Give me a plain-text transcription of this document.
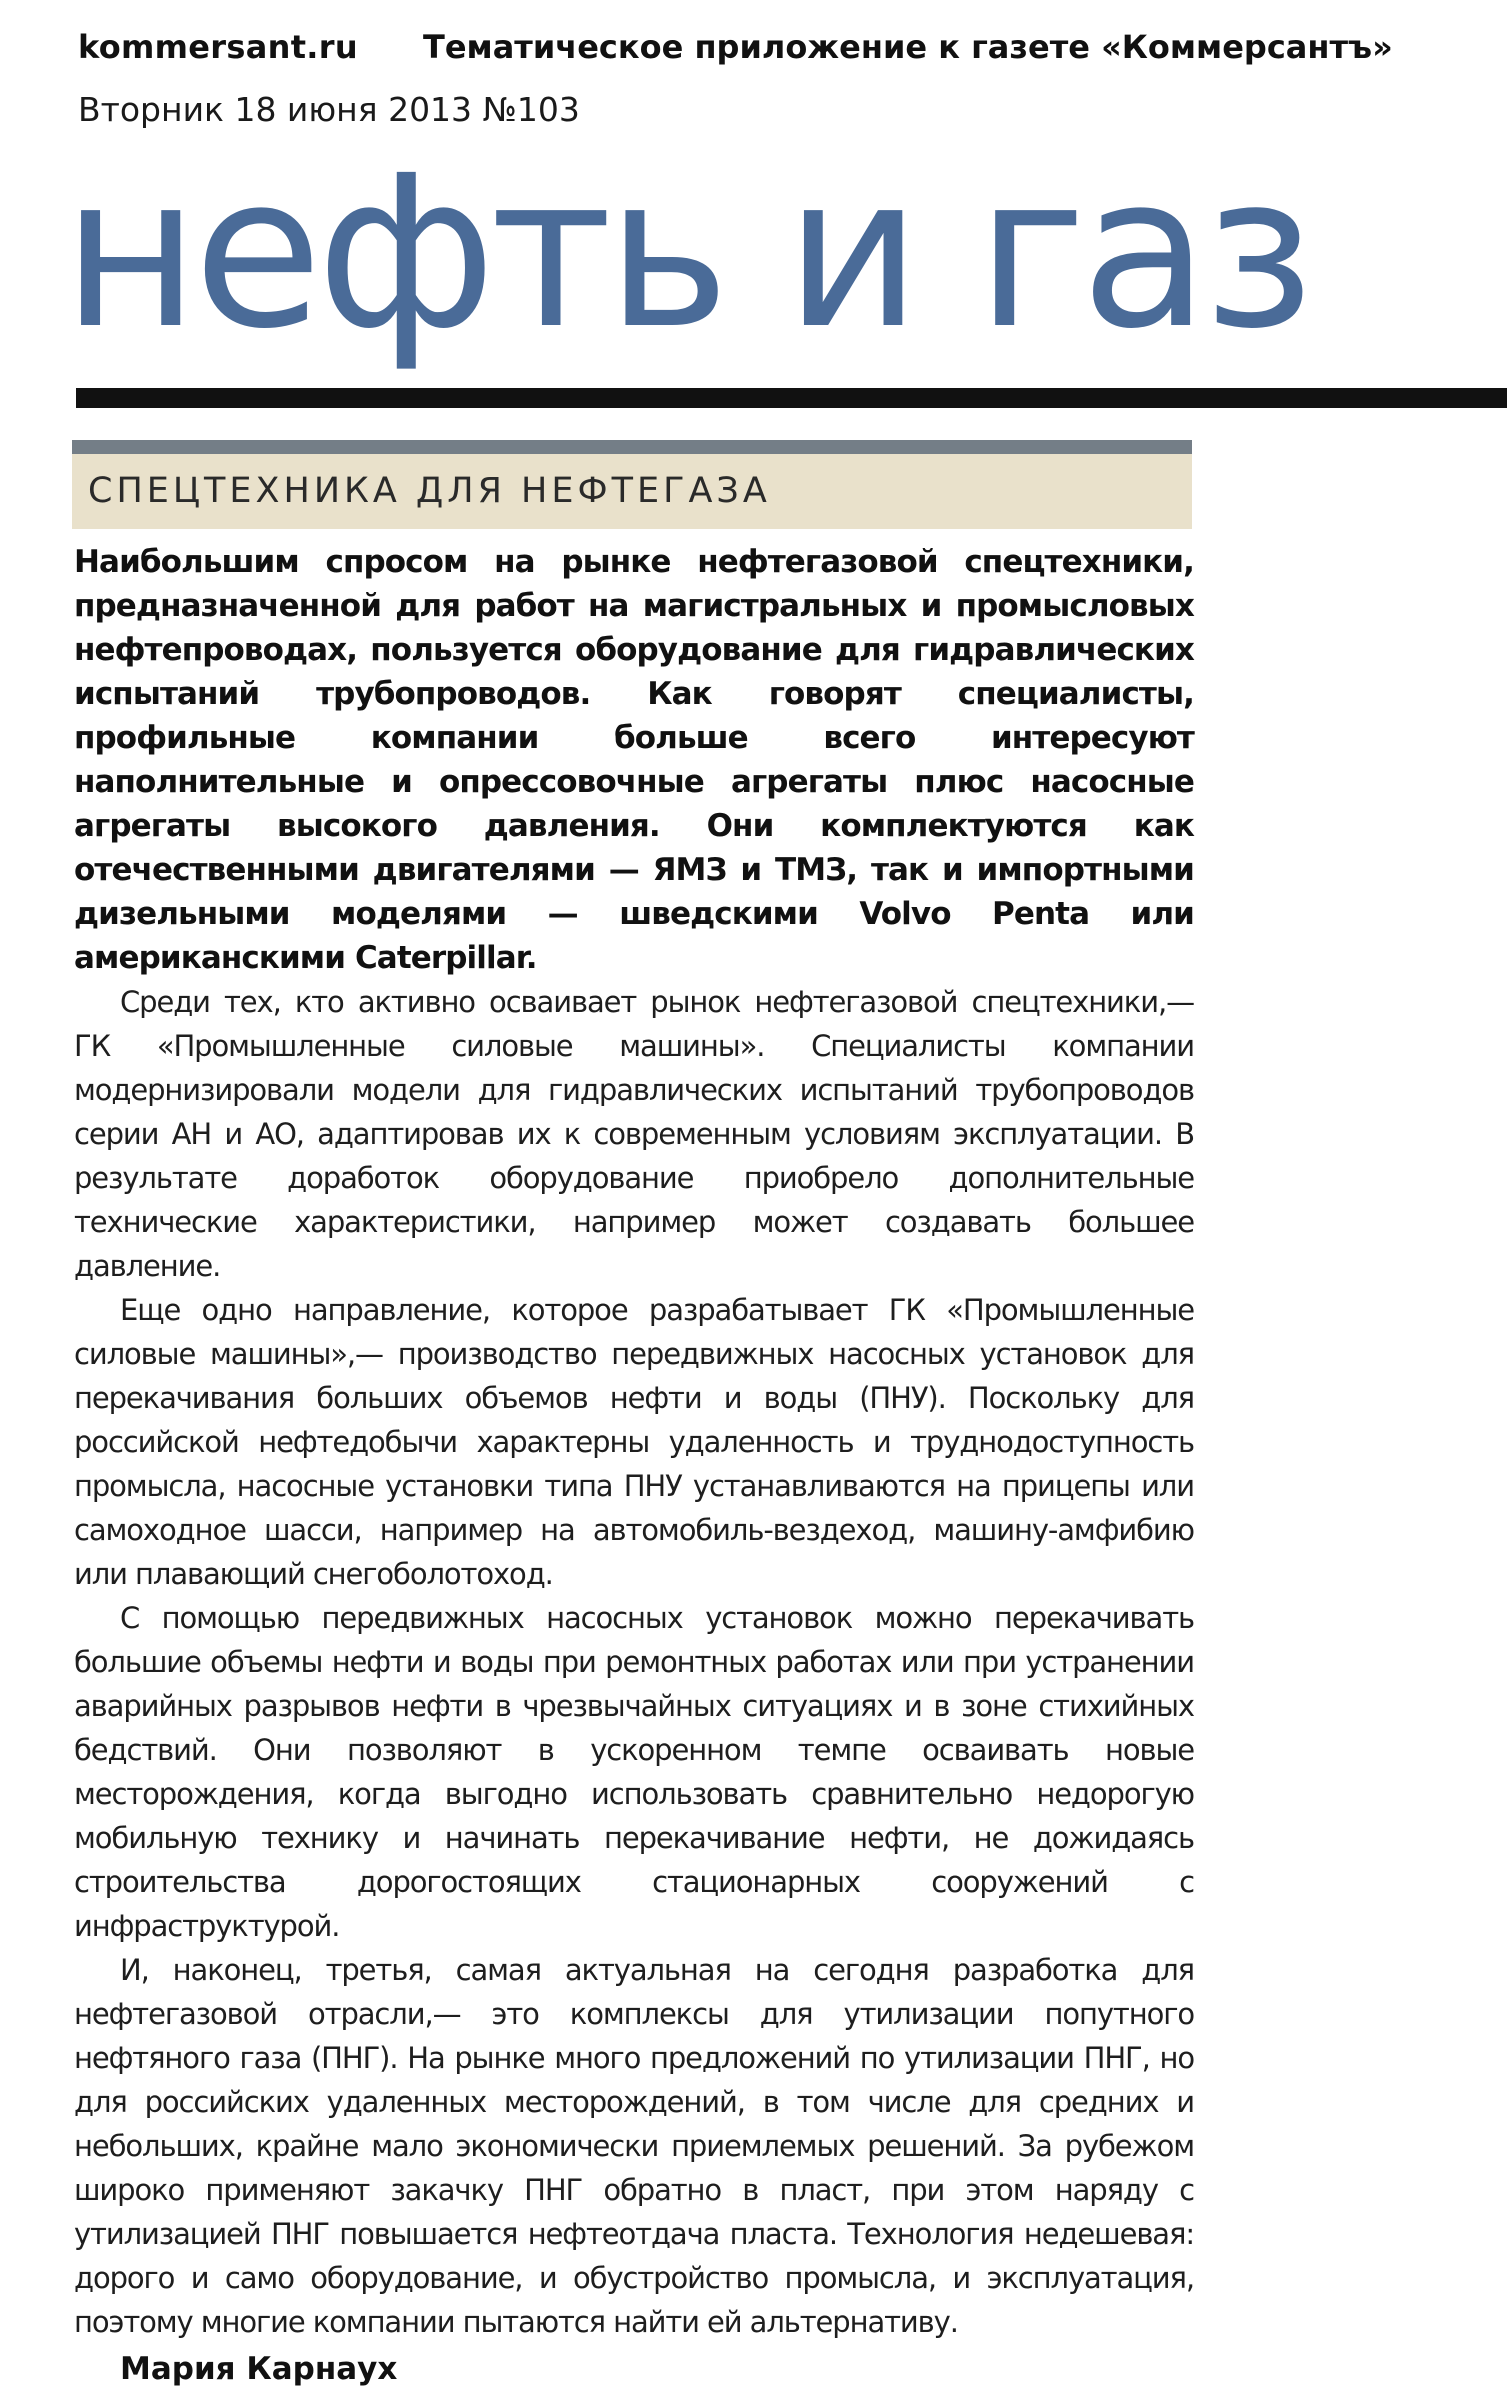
kommersant.ru Тематическое приложение к газете «Коммерсантъ»
Вторник 18 июня 2013 №103
нефть и газ
СПЕЦТЕХНИКА ДЛЯ НЕФТЕГАЗА

Наибольшим спросом на рынке нефтегазовой спецтехники, предназначенной для работ на магистральных и промысловых нефтепроводах, пользуется оборудование для гидравлических испытаний трубопроводов. Как говорят специалисты, профильные компании больше всего интересуют наполнительные и опрессовочные агрегаты плюс насосные агрегаты высокого давления. Они комплектуются как отечественными двигателями — ЯМЗ и ТМЗ, так и импортными дизельными моделями — шведскими Volvo Penta или американскими Caterpillar.

Среди тех, кто активно осваивает рынок нефтегазовой спецтехники,— ГК «Промышленные силовые машины». Специалисты компании модернизировали модели для гидравлических испытаний трубопроводов серии АН и АО, адаптировав их к современным условиям эксплуатации. В результате доработок оборудование приобрело дополнительные технические характеристики, например может создавать большее давление.

Еще одно направление, которое разрабатывает ГК «Промышленные силовые машины»,— производство передвижных насосных установок для перекачивания больших объемов нефти и воды (ПНУ). Поскольку для российской нефтедобычи характерны удаленность и труднодоступность промысла, насосные установки типа ПНУ устанавливаются на прицепы или самоходное шасси, например на автомобиль-вездеход, машину-амфибию или плавающий снегоболотоход.

С помощью передвижных насосных установок можно перекачивать большие объемы нефти и воды при ремонтных работах или при устранении аварийных разрывов нефти в чрезвычайных ситуациях и в зоне стихийных бедствий. Они позволяют в ускоренном темпе осваивать новые месторождения, когда выгодно использовать сравнительно недорогую мобильную технику и начинать перекачивание нефти, не дожидаясь строительства дорогостоящих стационарных сооружений с инфраструктурой.

И, наконец, третья, самая актуальная на сегодня разработка для нефтегазовой отрасли,— это комплексы для утилизации попутного нефтяного газа (ПНГ). На рынке много предложений по утилизации ПНГ, но для российских удаленных месторождений, в том числе для средних и небольших, крайне мало экономически приемлемых решений. За рубежом широко применяют закачку ПНГ обратно в пласт, при этом наряду с утилизацией ПНГ повышается нефтеотдача пласта. Технология недешевая: дорого и само оборудование, и обустройство промысла, и эксплуатация, поэтому многие компании пытаются найти ей альтернативу.

Мария Карнаух
